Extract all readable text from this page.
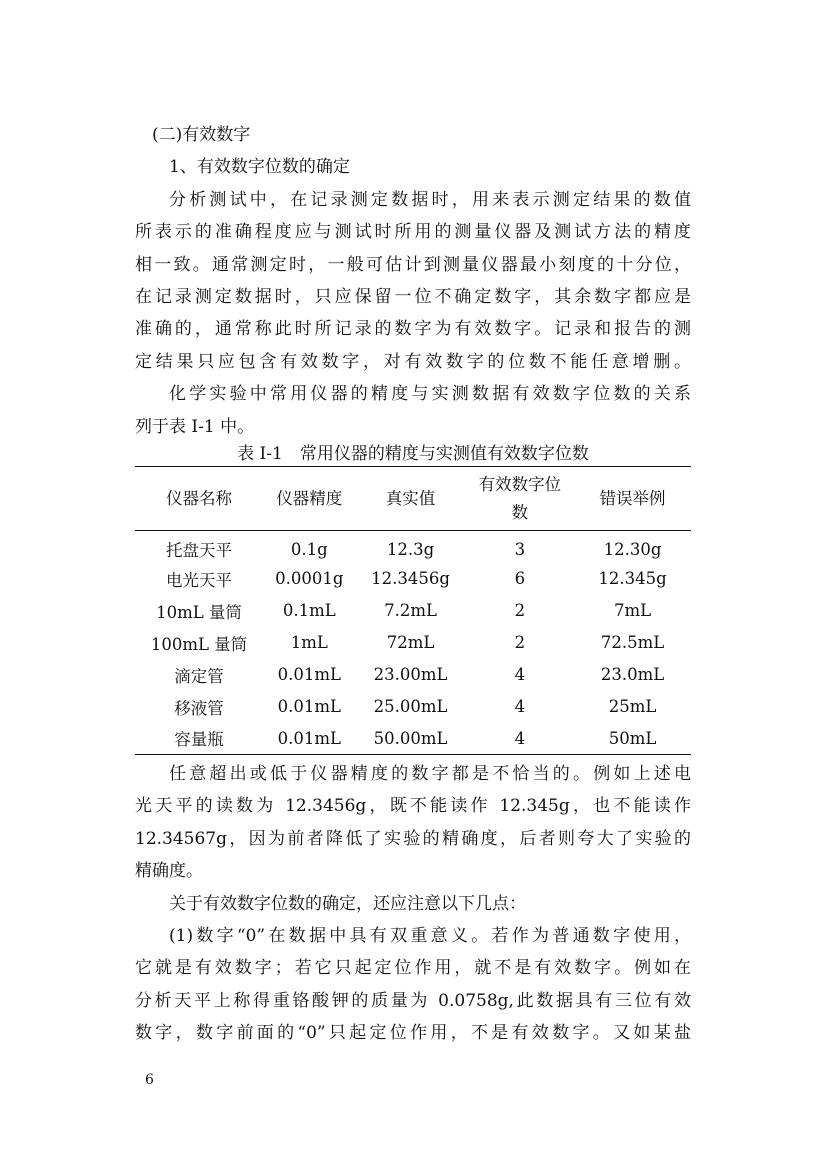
(二)有效数字
1、有效数字位数的确定
分析测试中，在记录测定数据时，用来表示测定结果的数值
所表示的准确程度应与测试时所用的测量仪器及测试方法的精度
相一致。通常测定时，一般可估计到测量仪器最小刻度的十分位，
在记录测定数据时，只应保留一位不确定数字，其余数字都应是
准确的，通常称此时所记录的数字为有效数字。记录和报告的测
定结果只应包含有效数字，对有效数字的位数不能任意增删。
化学实验中常用仪器的精度与实测数据有效数字位数的关系
列于表 I-1 中。
表 I-1　常用仪器的精度与实测值有效数字位数
仪器名称	仪器精度	真实值	有效数字位数	错误举例
托盘天平	0.1g	12.3g	3	12.30g
电光天平	0.0001g	12.3456g	6	12.345g
10mL 量筒	0.1mL	7.2mL	2	7mL
100mL 量筒	1mL	72mL	2	72.5mL
滴定管	0.01mL	23.00mL	4	23.0mL
移液管	0.01mL	25.00mL	4	25mL
容量瓶	0.01mL	50.00mL	4	50mL
任意超出或低于仪器精度的数字都是不恰当的。例如上述电
光天平的读数为 12.3456g，既不能读作 12.345g，也不能读作
12.34567g，因为前者降低了实验的精确度，后者则夸大了实验的
精确度。
关于有效数字位数的确定，还应注意以下几点：
(1)数字“0”在数据中具有双重意义。若作为普通数字使用，
它就是有效数字；若它只起定位作用，就不是有效数字。例如在
分析天平上称得重铬酸钾的质量为 0.0758g,此数据具有三位有效
数字，数字前面的“0”只起定位作用，不是有效数字。又如某盐
6
